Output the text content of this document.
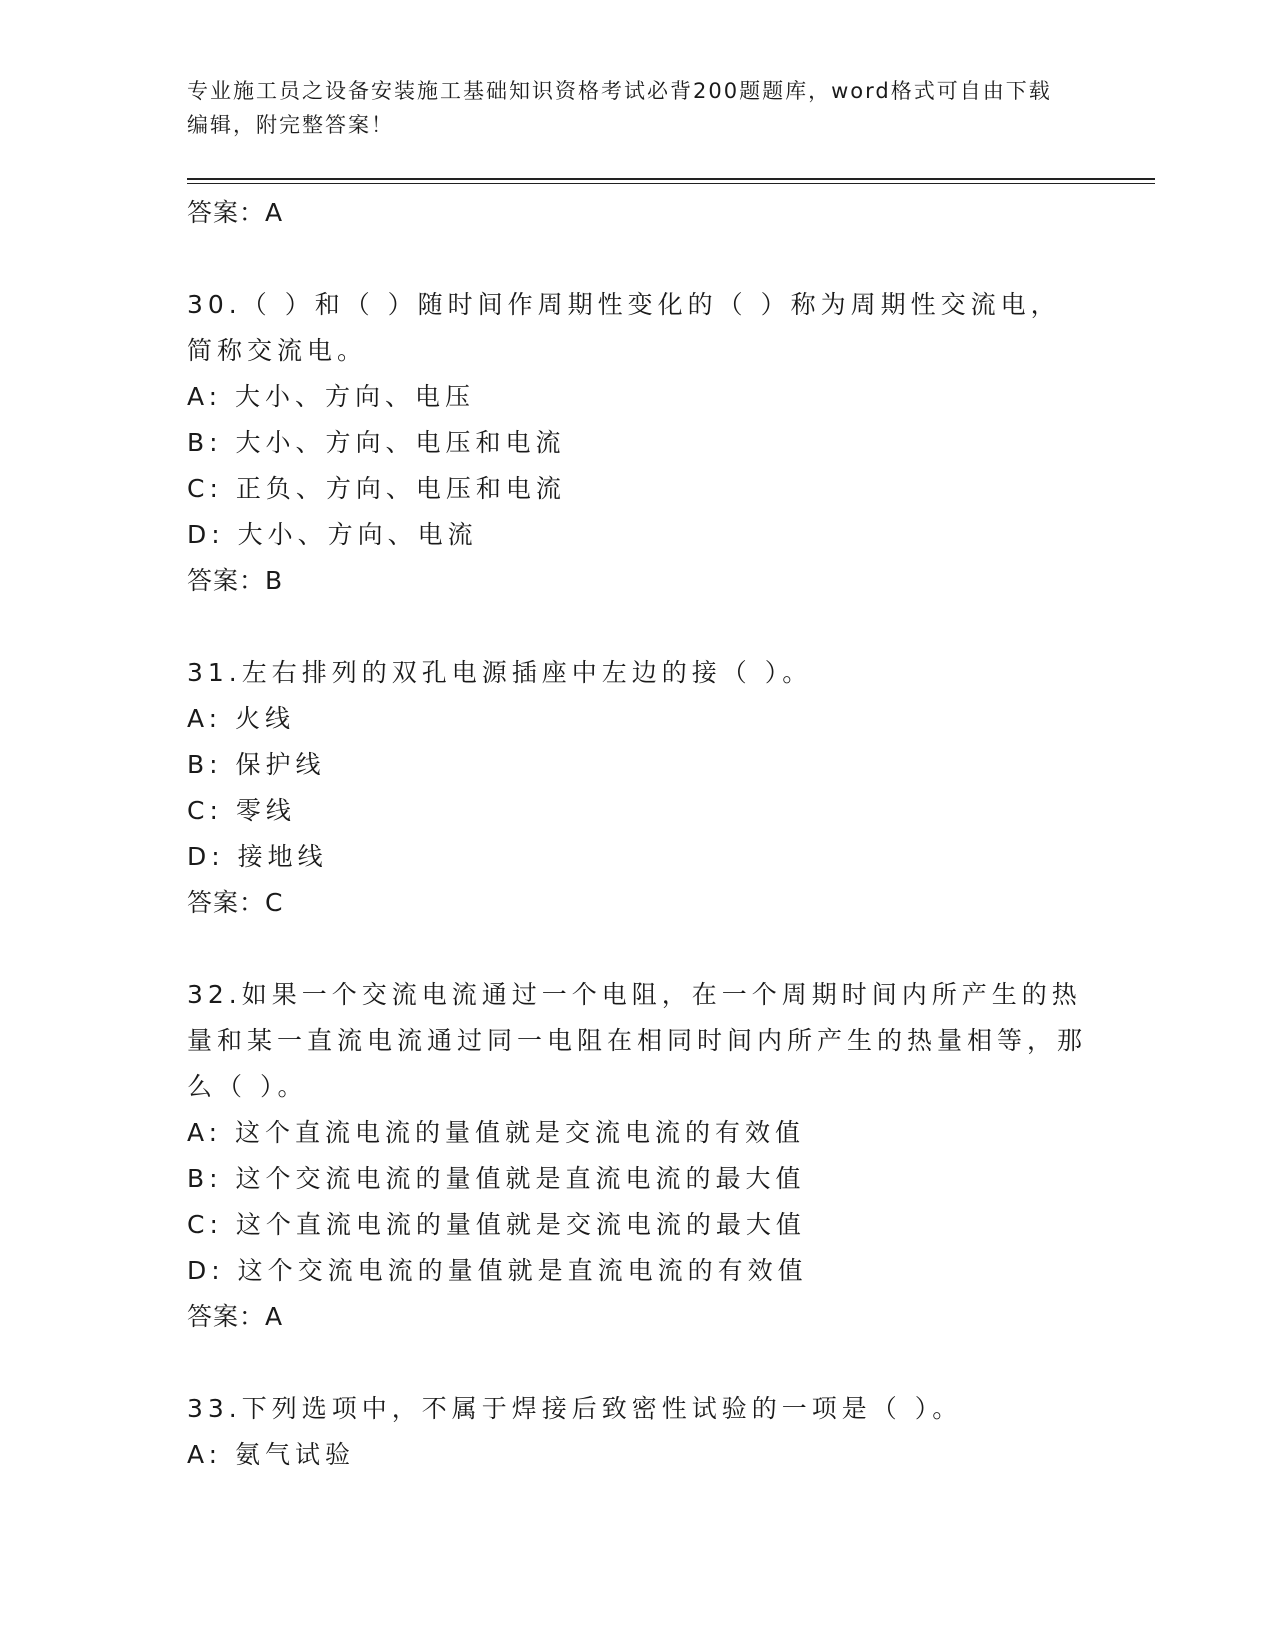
专业施工员之设备安装施工基础知识资格考试必背200题题库，word格式可自由下载编辑，附完整答案！
答案：A
30.（ ）和（ ）随时间作周期性变化的（ ）称为周期性交流电，简称交流电。
A: 大小、方向、电压
B: 大小、方向、电压和电流
C: 正负、方向、电压和电流
D: 大小、方向、电流
答案：B
31.左右排列的双孔电源插座中左边的接（ ）。
A: 火线
B: 保护线
C: 零线
D: 接地线
答案：C
32.如果一个交流电流通过一个电阻，在一个周期时间内所产生的热量和某一直流电流通过同一电阻在相同时间内所产生的热量相等，那么（ ）。
A: 这个直流电流的量值就是交流电流的有效值
B: 这个交流电流的量值就是直流电流的最大值
C: 这个直流电流的量值就是交流电流的最大值
D: 这个交流电流的量值就是直流电流的有效值
答案：A
33.下列选项中，不属于焊接后致密性试验的一项是（ ）。
A: 氨气试验
